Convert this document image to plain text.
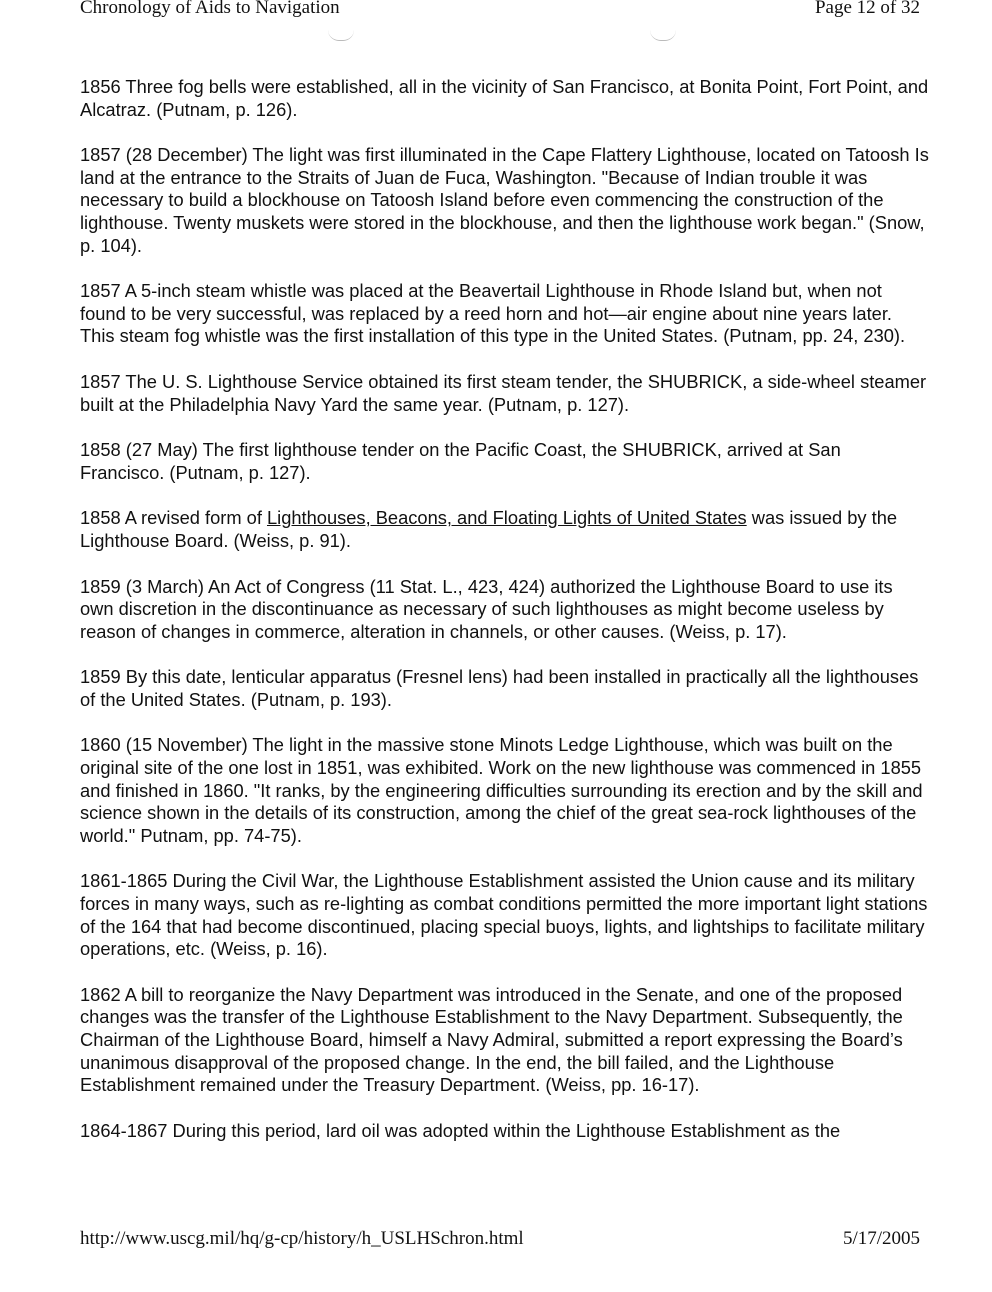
Chronology of Aids to Navigation	Page 12 of 32

1856 Three fog bells were established, all in the vicinity of San Francisco, at Bonita Point, Fort Point, and Alcatraz. (Putnam, p. 126).

1857 (28 December) The light was first illuminated in the Cape Flattery Lighthouse, located on Tatoosh Is land at the entrance to the Straits of Juan de Fuca, Washington. "Because of Indian trouble it was necessary to build a blockhouse on Tatoosh Island before even commencing the construction of the lighthouse. Twenty muskets were stored in the blockhouse, and then the lighthouse work began." (Snow, p. 104).

1857 A 5-inch steam whistle was placed at the Beavertail Lighthouse in Rhode Island but, when not found to be very successful, was replaced by a reed horn and hot—air engine about nine years later. This steam fog whistle was the first installation of this type in the United States. (Putnam, pp. 24, 230).

1857 The U. S. Lighthouse Service obtained its first steam tender, the SHUBRICK, a side-wheel steamer built at the Philadelphia Navy Yard the same year. (Putnam, p. 127).

1858 (27 May) The first lighthouse tender on the Pacific Coast, the SHUBRICK, arrived at San Francisco. (Putnam, p. 127).

1858 A revised form of Lighthouses, Beacons, and Floating Lights of United States was issued by the Lighthouse Board. (Weiss, p. 91).

1859 (3 March) An Act of Congress (11 Stat. L., 423, 424) authorized the Lighthouse Board to use its own discretion in the discontinuance as necessary of such lighthouses as might become useless by reason of changes in commerce, alteration in channels, or other causes. (Weiss, p. 17).

1859 By this date, lenticular apparatus (Fresnel lens) had been installed in practically all the lighthouses of the United States. (Putnam, p. 193).

1860 (15 November) The light in the massive stone Minots Ledge Lighthouse, which was built on the original site of the one lost in 1851, was exhibited. Work on the new lighthouse was commenced in 1855 and finished in 1860. "It ranks, by the engineering difficulties surrounding its erection and by the skill and science shown in the details of its construction, among the chief of the great sea-rock lighthouses of the world." Putnam, pp. 74-75).

1861-1865 During the Civil War, the Lighthouse Establishment assisted the Union cause and its military forces in many ways, such as re-lighting as combat conditions permitted the more important light stations of the 164 that had become discontinued, placing special buoys, lights, and lightships to facilitate military operations, etc. (Weiss, p. 16).

1862 A bill to reorganize the Navy Department was introduced in the Senate, and one of the proposed changes was the transfer of the Lighthouse Establishment to the Navy Department. Subsequently, the Chairman of the Lighthouse Board, himself a Navy Admiral, submitted a report expressing the Board’s unanimous disapproval of the proposed change. In the end, the bill failed, and the Lighthouse Establishment remained under the Treasury Department. (Weiss, pp. 16-17).

1864-1867 During this period, lard oil was adopted within the Lighthouse Establishment as the

http://www.uscg.mil/hq/g-cp/history/h_USLHSchron.html	5/17/2005
